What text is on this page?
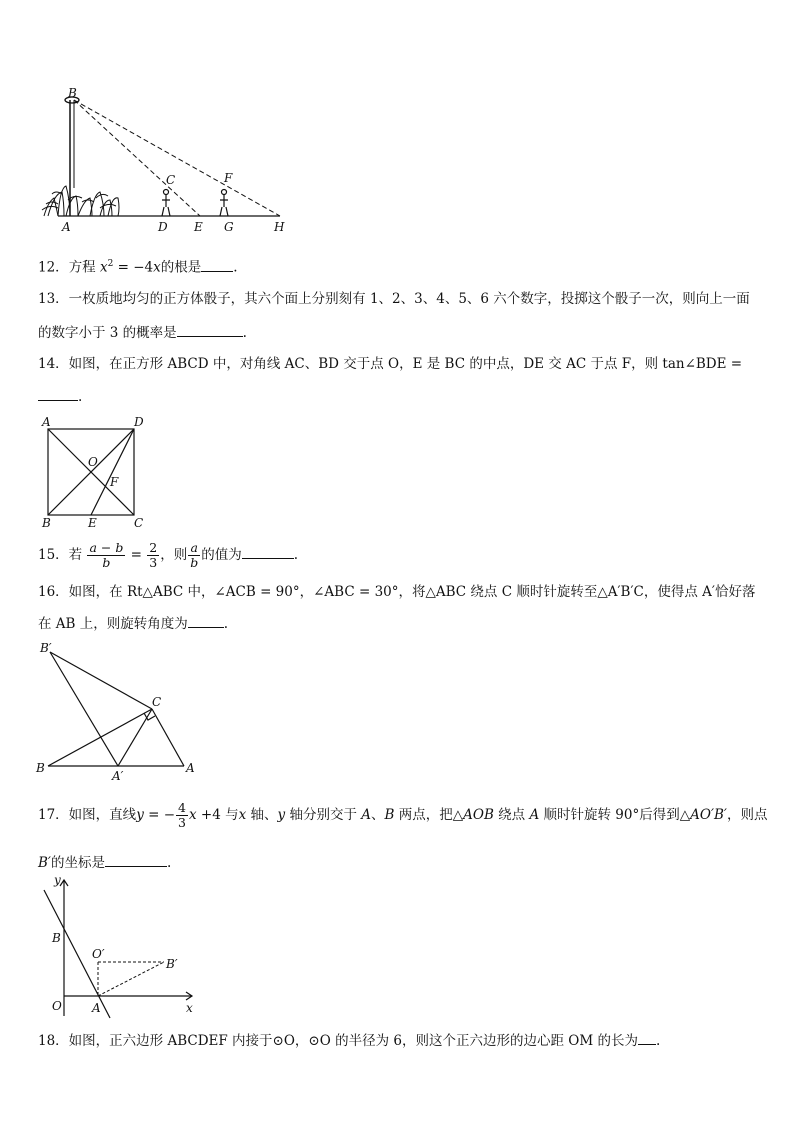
B
C	F
A	D E G	H
12．方程 $x^2 = -4x$的根是 .
13．一枚质地均匀的正方体骰子，其六个面上分别刻有 1、2、3、4、5、6 六个数字，投掷这个骰子一次，则向上一面
的数字小于 3 的概率是	.
14．如图，在正方形 ABCD 中，对角线 AC、BD 交于点 O，E 是 BC 的中点，DE 交 AC 于点 F，则 tan∠BDE =
.
A	D
O
F
B	E	C
15．若 $\frac{a - b}{b} = \frac{2}{3}$ ，则 $\frac{a}{b}$ 的值为	.
16．如图，在 Rt△ABC 中，∠ACB = 90°，∠ABC = 30°，将△ABC 绕点 C 顺时针旋转至△A′B′C，使得点 A′恰好落
在 AB 上，则旋转角度为	.
B′
C
B
A′
A
17．如图，直线y = − $\frac{4}{3}$ x +4 与x 轴、y 轴分别交于 A、B 两点，把△AOB 绕点 A 顺时针旋转 90°后得到△AO′B′，则点
B′的坐标是	.
y
B
O′
B′
O	A	x
18．如图，正六边形 ABCDEF 内接于⊙O，⊙O 的半径为 6，则这个正六边形的边心距 OM 的长为 .
